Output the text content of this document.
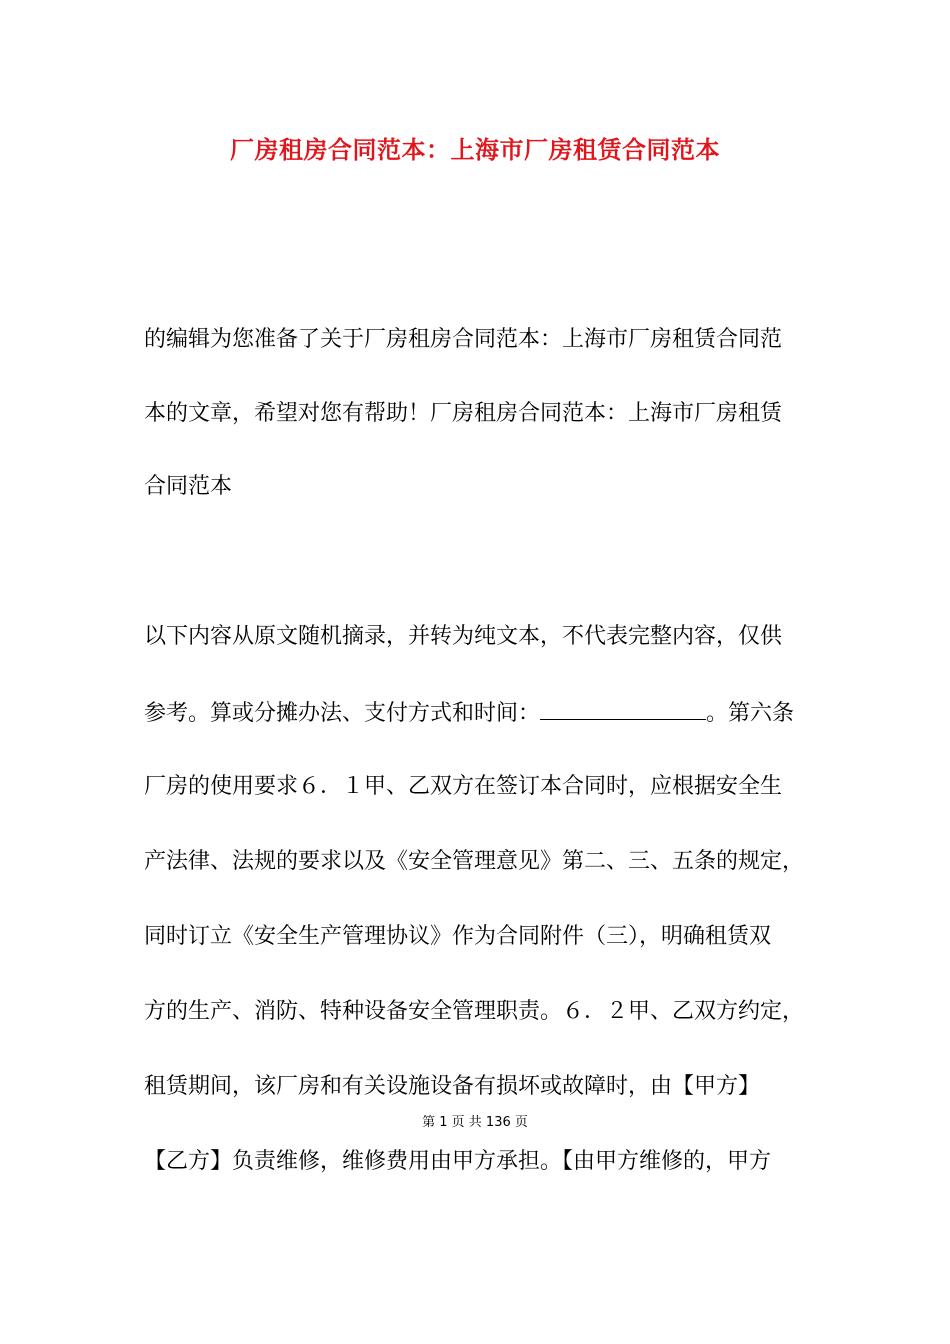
厂房租房合同范本：上海市厂房租赁合同范本
的编辑为您准备了关于厂房租房合同范本：上海市厂房租赁合同范
本的文章，希望对您有帮助！厂房租房合同范本：上海市厂房租赁
合同范本
以下内容从原文随机摘录，并转为纯文本，不代表完整内容，仅供
参考。算或分摊办法、支付方式和时间：	。第六条
厂房的使用要求６．１甲、乙双方在签订本合同时，应根据安全生
产法律、法规的要求以及《安全管理意见》第二、三、五条的规定，
同时订立《安全生产管理协议》作为合同附件（三），明确租赁双
方的生产、消防、特种设备安全管理职责。６．２甲、乙双方约定，
租赁期间，该厂房和有关设施设备有损坏或故障时，由【甲方】
第 1 页 共 136 页
【乙方】负责维修，维修费用由甲方承担。【由甲方维修的，甲方
